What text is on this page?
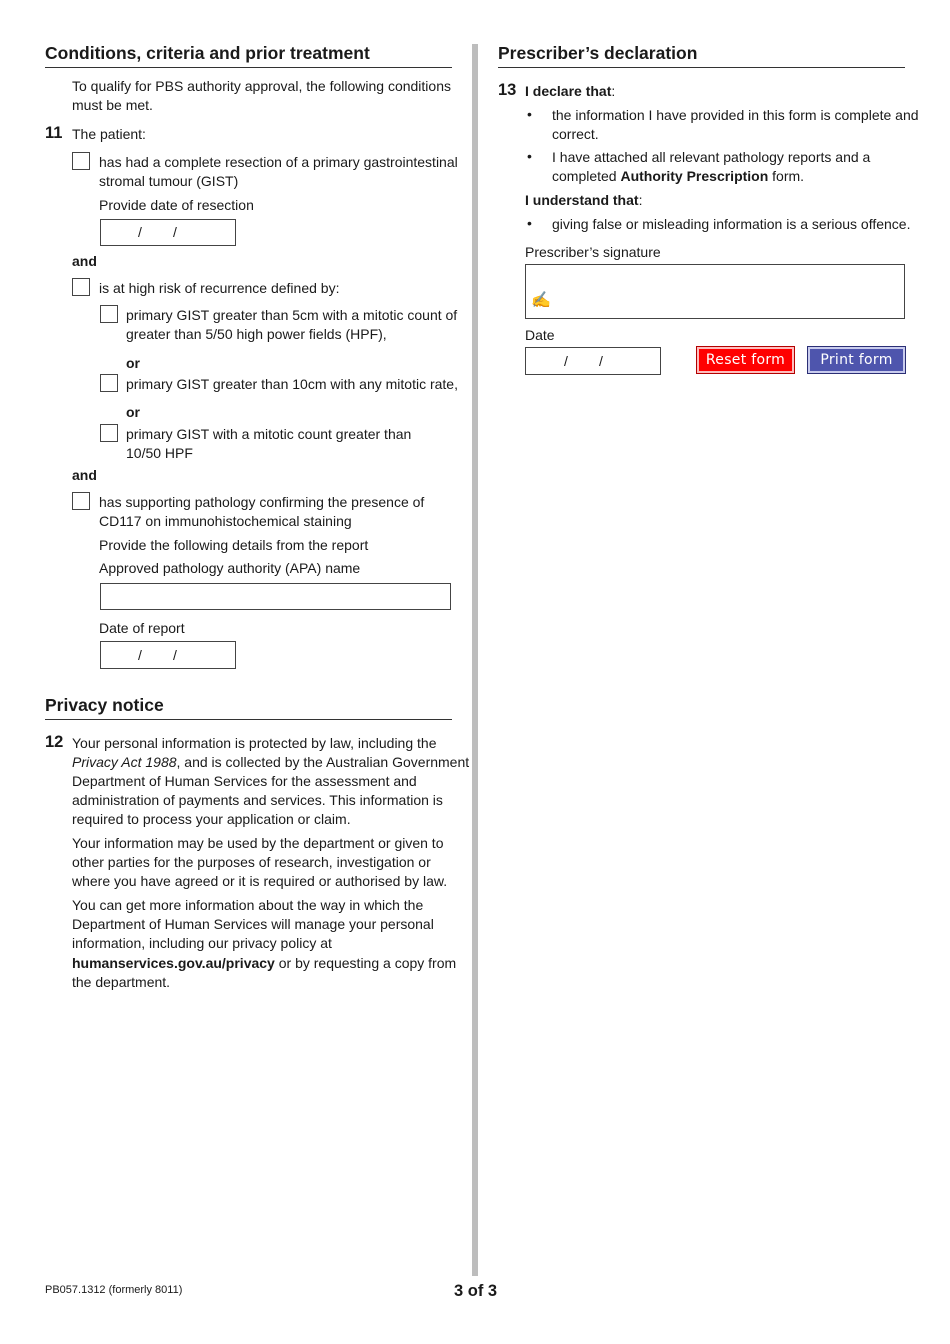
Conditions, criteria and prior treatment
To qualify for PBS authority approval, the following conditions
must be met.
11 The patient:
has had a complete resection of a primary gastrointestinal
stromal tumour (GIST)
Provide date of resection
/ /
and
is at high risk of recurrence defined by:
primary GIST greater than 5cm with a mitotic count of
greater than 5/50 high power fields (HPF),
or
primary GIST greater than 10cm with any mitotic rate,
or
primary GIST with a mitotic count greater than
10/50 HPF
and
has supporting pathology confirming the presence of
CD117 on immunohistochemical staining
Provide the following details from the report
Approved pathology authority (APA) name
Date of report
/ /
Privacy notice
12 Your personal information is protected by law, including the
Privacy Act 1988, and is collected by the Australian Government
Department of Human Services for the assessment and
administration of payments and services. This information is
required to process your application or claim.
Your information may be used by the department or given to
other parties for the purposes of research, investigation or
where you have agreed or it is required or authorised by law.
You can get more information about the way in which the
Department of Human Services will manage your personal
information, including our privacy policy at
humanservices.gov.au/privacy or by requesting a copy from
the department.
Prescriber’s declaration
13 I declare that:
• the information I have provided in this form is complete and
correct.
• I have attached all relevant pathology reports and a
completed Authority Prescription form.
I understand that:
• giving false or misleading information is a serious offence.
Prescriber’s signature
✍
Date
/ /	Reset form	Print form
PB057.1312 (formerly 8011)	3 of 3
